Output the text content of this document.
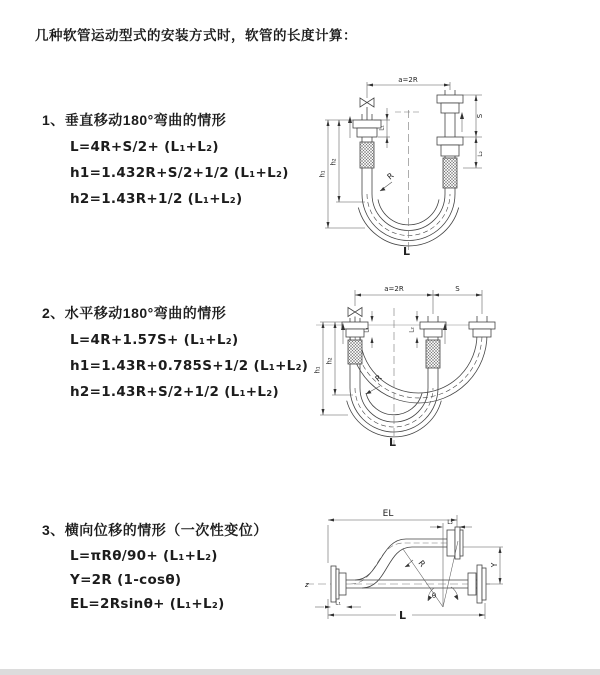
几种软管运动型式的安装方式时，软管的长度计算：
1、垂直移动180°弯曲的情形
L=4R+S/2+ (L₁+L₂)
h1=1.432R+S/2+1/2 (L₁+L₂)
h2=1.43R+1/2 (L₁+L₂)
2、水平移动180°弯曲的情形
L=4R+1.57S+ (L₁+L₂)
h1=1.43R+0.785S+1/2 (L₁+L₂)
h2=1.43R+S/2+1/2 (L₁+L₂)
3、横向位移的情形（一次性变位）
L=πRθ/90+ (L₁+L₂)
Y=2R (1-cosθ)
EL=2Rsinθ+ (L₁+L₂)
a=2R
L₁
S
L₂
h₁
h₂
R
L
a=2R	S
L₁	L₂
h₁
h₂
R
L
EL
L₂
Y
θ
R
L₁
L
z
